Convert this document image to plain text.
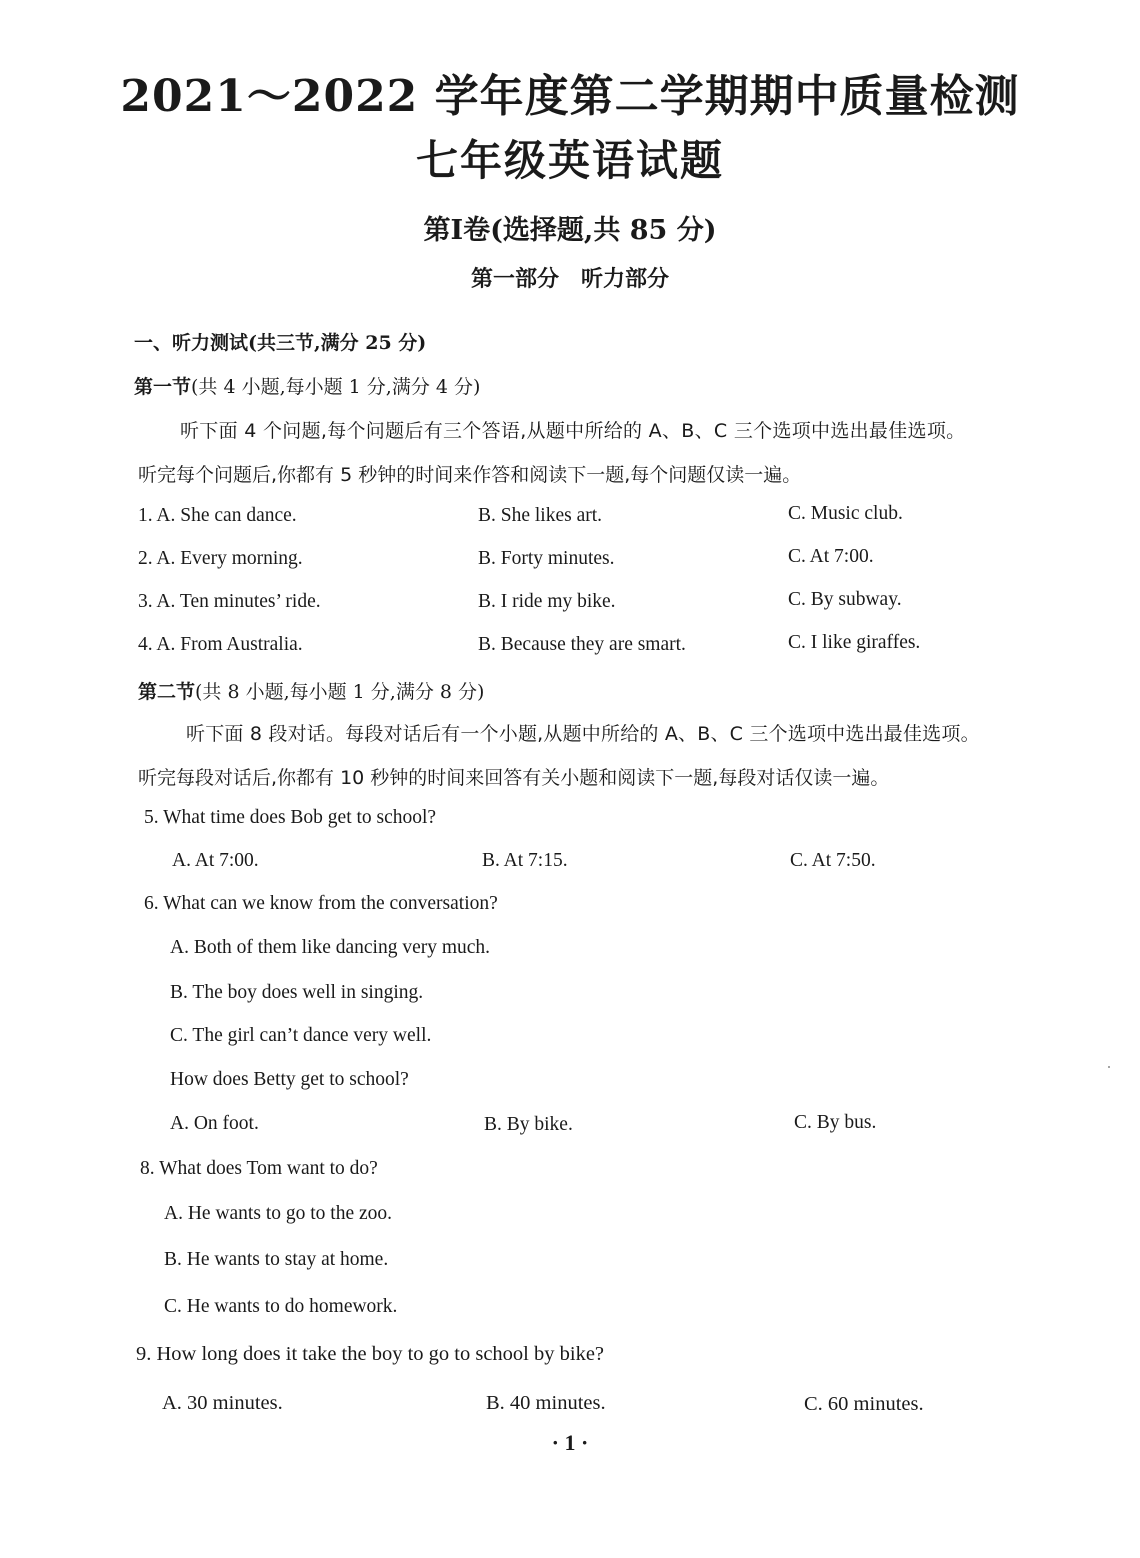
2021～2022 学年度第二学期期中质量检测
七年级英语试题
第Ⅰ卷(选择题,共 85 分)
第一部分　听力部分
一、听力测试(共三节,满分 25 分)
第一节(共 4 小题,每小题 1 分,满分 4 分)
听下面 4 个问题,每个问题后有三个答语,从题中所给的 A、B、C 三个选项中选出最佳选项。
听完每个问题后,你都有 5 秒钟的时间来作答和阅读下一题,每个问题仅读一遍。
1. A. She can dance.	B. She likes art.	C. Music club.
2. A. Every morning.	B. Forty minutes.	C. At 7:00.
3. A. Ten minutes’ ride.	B. I ride my bike.	C. By subway.
4. A. From Australia.	B. Because they are smart.	C. I like giraffes.
第二节(共 8 小题,每小题 1 分,满分 8 分)
听下面 8 段对话。每段对话后有一个小题,从题中所给的 A、B、C 三个选项中选出最佳选项。
听完每段对话后,你都有 10 秒钟的时间来回答有关小题和阅读下一题,每段对话仅读一遍。
5. What time does Bob get to school?
A. At 7:00.	B. At 7:15.	C. At 7:50.
6. What can we know from the conversation?
A. Both of them like dancing very much.
B. The boy does well in singing.
C. The girl can’t dance very well.
How does Betty get to school?
A. On foot.	B. By bike.	C. By bus.
8. What does Tom want to do?
A. He wants to go to the zoo.
B. He wants to stay at home.
C. He wants to do homework.
9. How long does it take the boy to go to school by bike?
A. 30 minutes.	B. 40 minutes.	C. 60 minutes.
· 1 ·
